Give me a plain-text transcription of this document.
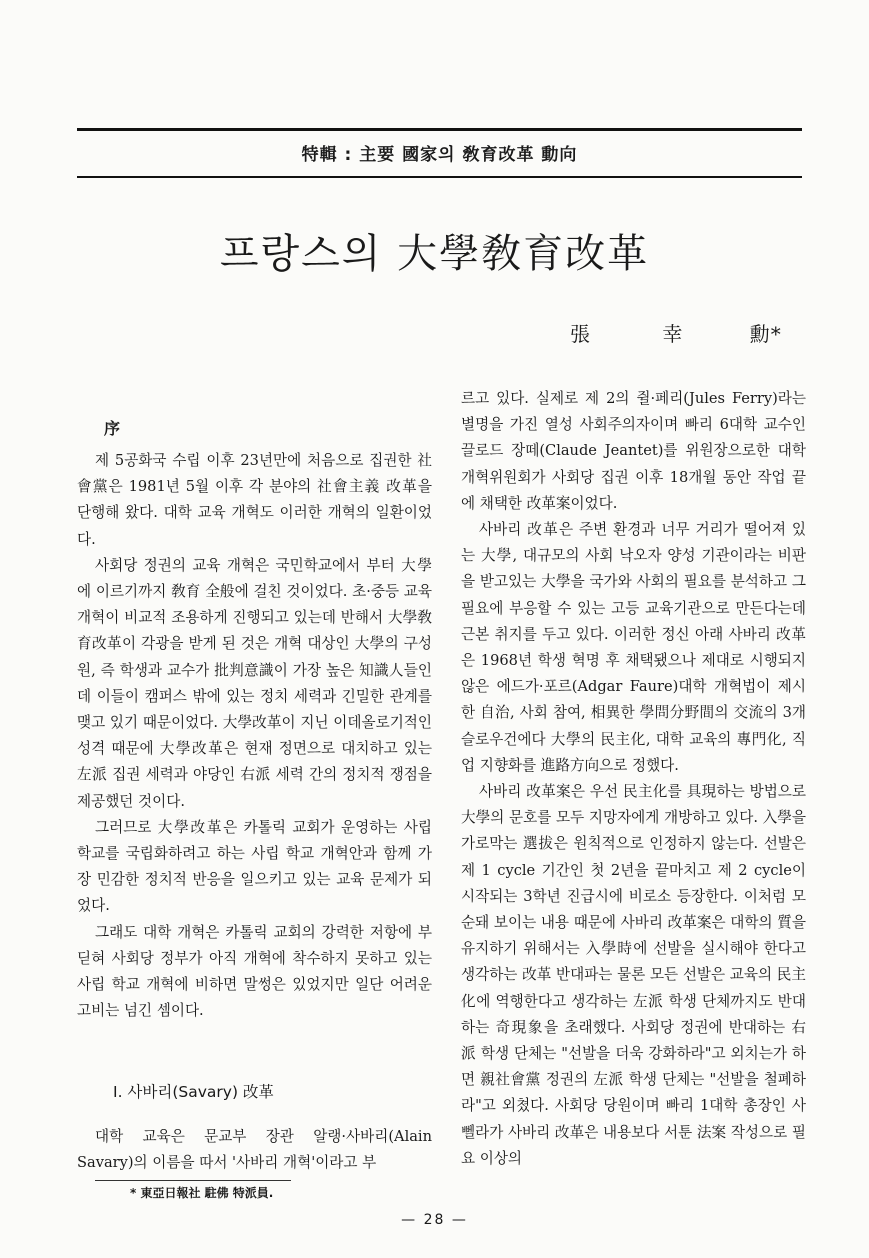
特輯 : 主要 國家의 敎育改革 動向
프랑스의 大學敎育改革
張	幸	勳*
序

제 5공화국 수립 이후 23년만에 처음으로 집권한 社會黨은 1981년 5월 이후 각 분야의 社會主義 改革을 단행해 왔다. 대학 교육 개혁도 이러한 개혁의 일환이었다.

사회당 정권의 교육 개혁은 국민학교에서 부터 大學에 이르기까지 敎育 全般에 걸친 것이었다. 초·중등 교육 개혁이 비교적 조용하게 진행되고 있는데 반해서 大學敎育改革이 각광을 받게 된 것은 개혁 대상인 大學의 구성원, 즉 학생과 교수가 批判意識이 가장 높은 知識人들인데 이들이 캠퍼스 밖에 있는 정치 세력과 긴밀한 관계를 맺고 있기 때문이었다. 大學改革이 지닌 이데올로기적인 성격 때문에 大學改革은 현재 정면으로 대치하고 있는 左派 집권 세력과 야당인 右派 세력 간의 정치적 쟁점을 제공했던 것이다.

그러므로 大學改革은 카톨릭 교회가 운영하는 사립 학교를 국립화하려고 하는 사립 학교 개혁안과 함께 가장 민감한 정치적 반응을 일으키고 있는 교육 문제가 되었다.

그래도 대학 개혁은 카톨릭 교회의 강력한 저항에 부딛혀 사회당 정부가 아직 개혁에 착수하지 못하고 있는 사립 학교 개혁에 비하면 말썽은 있었지만 일단 어려운 고비는 넘긴 셈이다.

I. 사바리(Savary) 改革

대학 교육은 문교부 장관 알랭·사바리(Alain Savary)의 이름을 따서 '사바리 개혁'이라고 부

* 東亞日報社 駐佛 特派員.

르고 있다. 실제로 제 2의 쥘·페리(Jules Ferry)라는 별명을 가진 열성 사회주의자이며 빠리 6대학 교수인 끌로드 장떼(Claude Jeantet)를 위원장으로한 대학개혁위원회가 사회당 집권 이후 18개월 동안 작업 끝에 채택한 改革案이었다.

사바리 改革은 주변 환경과 너무 거리가 떨어져 있는 大學, 대규모의 사회 낙오자 양성 기관이라는 비판을 받고있는 大學을 국가와 사회의 필요를 분석하고 그 필요에 부응할 수 있는 고등 교육기관으로 만든다는데 근본 취지를 두고 있다. 이러한 정신 아래 사바리 改革은 1968년 학생 혁명 후 채택됐으나 제대로 시행되지 않은 에드가·포르(Adgar Faure)대학 개혁법이 제시한 自治, 사회 참여, 相異한 學問分野間의 交流의 3개 슬로우건에다 大學의 民主化, 대학 교육의 專門化, 직업 지향화를 進路方向으로 정했다.

사바리 改革案은 우선 民主化를 具現하는 방법으로 大學의 문호를 모두 지망자에게 개방하고 있다. 入學을 가로막는 選拔은 원칙적으로 인정하지 않는다. 선발은 제 1 cycle 기간인 첫 2년을 끝마치고 제 2 cycle이 시작되는 3학년 진급시에 비로소 등장한다. 이처럼 모순돼 보이는 내용 때문에 사바리 改革案은 대학의 質을 유지하기 위해서는 入學時에 선발을 실시해야 한다고 생각하는 改革 반대파는 물론 모든 선발은 교육의 民主化에 역행한다고 생각하는 左派 학생 단체까지도 반대하는 奇現象을 초래했다. 사회당 정권에 반대하는 右派 학생 단체는 "선발을 더욱 강화하라"고 외치는가 하면 親社會黨 정권의 左派 학생 단체는 "선발을 철폐하라"고 외쳤다. 사회당 당원이며 빠리 1대학 총장인 사뻴라가 사바리 改革은 내용보다 서툰 法案 작성으로 필요 이상의

— 28 —
